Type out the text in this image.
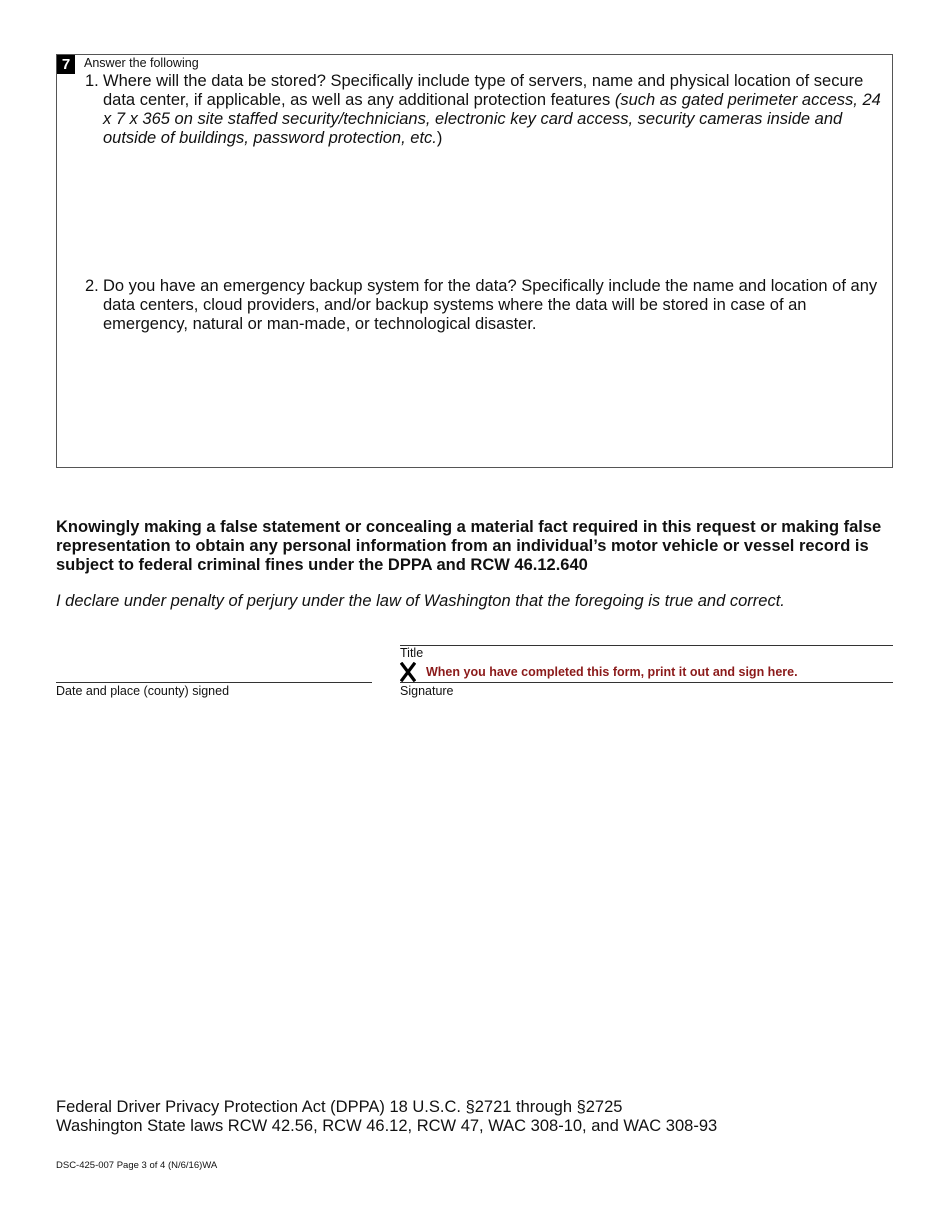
7	Answer the following
1. Where will the data be stored? Specifically include type of servers, name and physical location of secure data center, if applicable, as well as any additional protection features (such as gated perimeter access, 24 x 7 x 365 on site staffed security/technicians, electronic key card access, security cameras inside and outside of buildings, password protection, etc.)
2. Do you have an emergency backup system for the data? Specifically include the name and location of any data centers, cloud providers, and/or backup systems where the data will be stored in case of an emergency, natural or man-made, or technological disaster.
Knowingly making a false statement or concealing a material fact required in this request or making false representation to obtain any personal information from an individual’s motor vehicle or vessel record is subject to federal criminal fines under the DPPA and RCW 46.12.640
I declare under penalty of perjury under the law of Washington that the foregoing is true and correct.
Title
When you have completed this form, print it out and sign here.
Date and place (county) signed	Signature
Federal Driver Privacy Protection Act (DPPA) 18 U.S.C. §2721 through §2725
Washington State laws RCW 42.56, RCW 46.12, RCW 47, WAC 308-10, and WAC 308-93
DSC-425-007 Page 3 of 4 (N/6/16)WA
